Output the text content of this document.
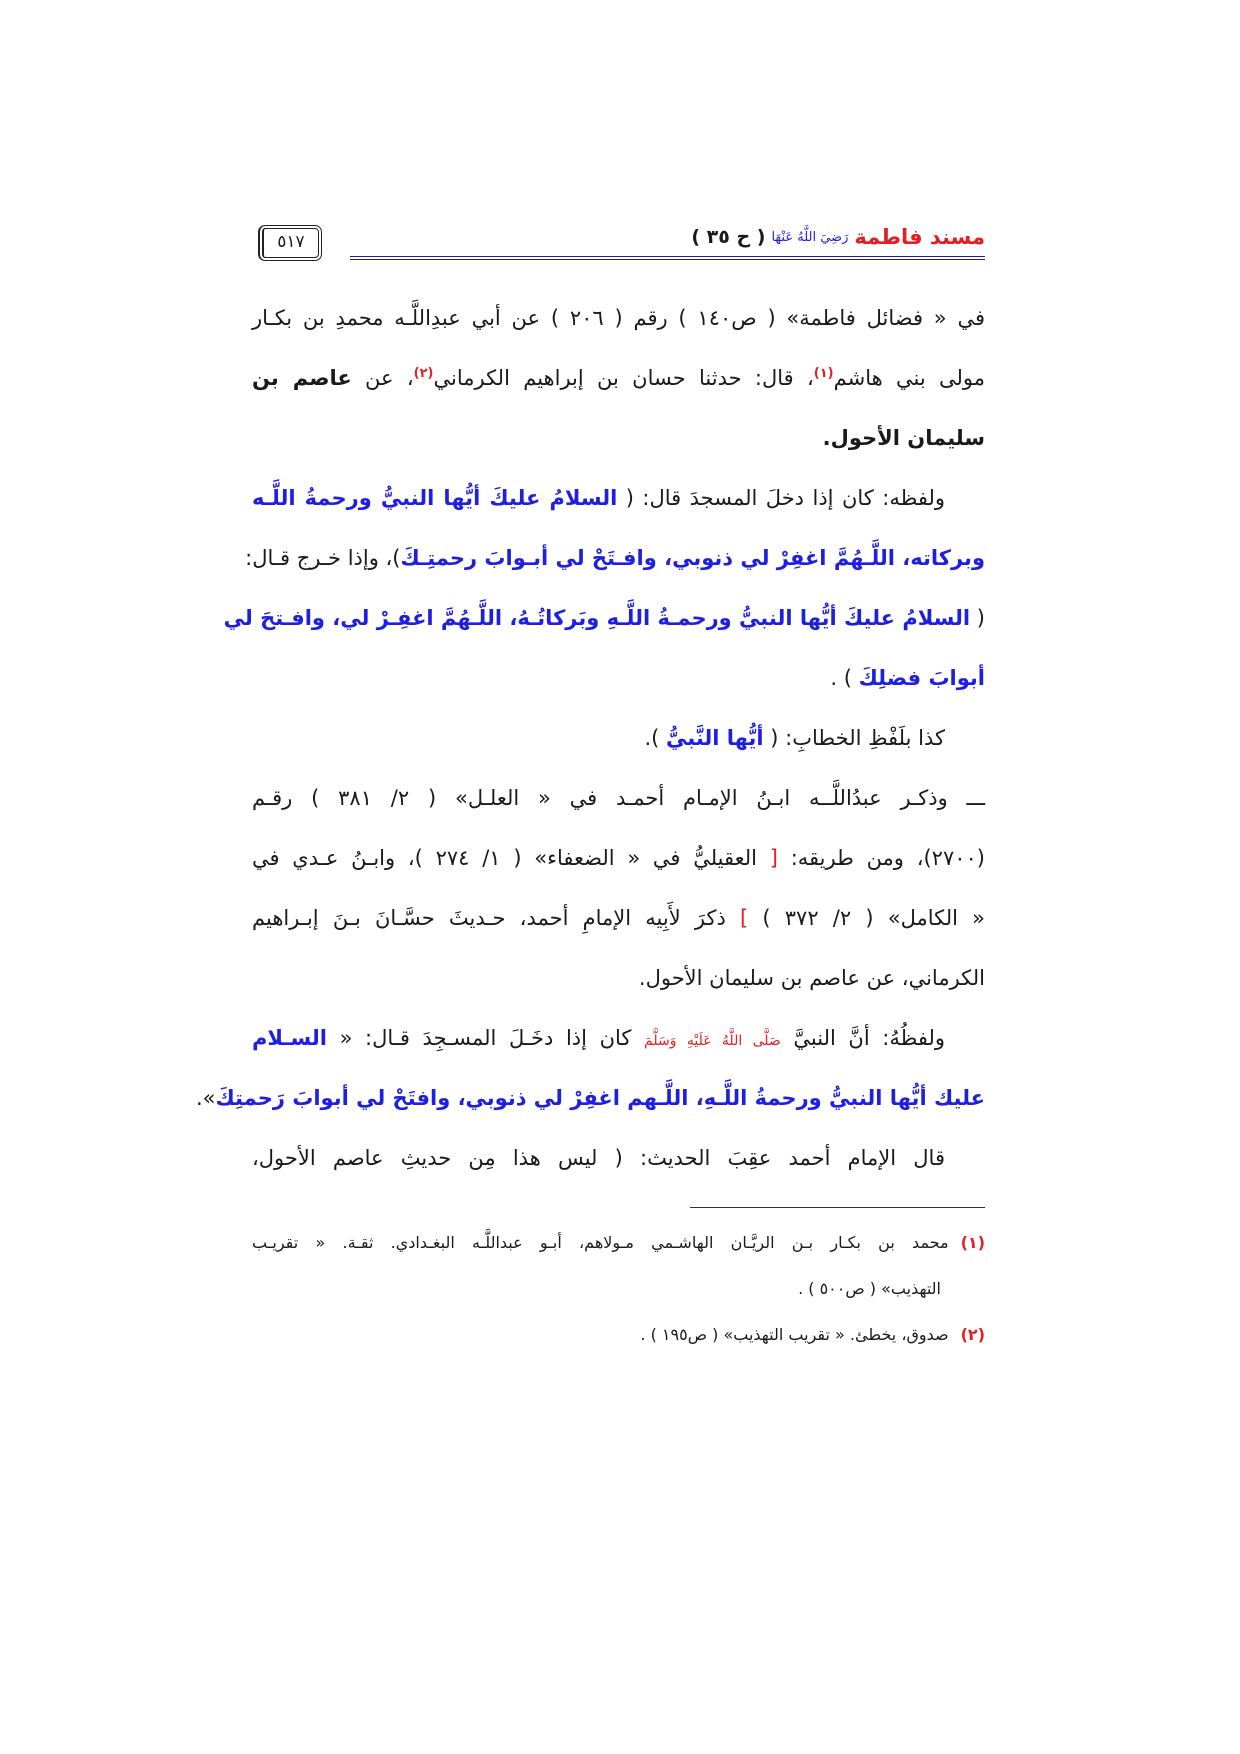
مسند فاطمة
رَضِيَ اللَّهُ عَنْهَا
( ح ٣٥ )
٥١٧
في « فضائل فاطمة» ( ص١٤٠ ) رقم ( ٢٠٦ ) عن أبي عبدِاللَّـه محمدِ بن بكـار
مولى بني هاشم$^{(١)}$، قال: حدثنا حسان بن إبراهيم الكرماني$^{(٢)}$، عن عاصم بن
سليمان الأحول.
ولفظه: كان إذا دخلَ المسجدَ قال: ( السلامُ عليكَ أيُّها النبيُّ ورحمةُ اللَّـه
وبركاته، اللَّـهُمَّ اغفِرْ لي ذنوبي، وافـتَحْ لي أبـوابَ رحمتِـكَ)، وإذا خـرج قـال:
( السلامُ عليكَ أيُّها النبيُّ ورحمـةُ اللَّـهِ وبَركاتُـهُ، اللَّـهُمَّ اغفِـرْ لي، وافـتحَ لي
أبوابَ فضلِكَ ) .
كذا بلَفْظِ الخطابِ: ( أيُّها النَّبيُّ ).
ـــ وذكـر عبدُاللَّــه ابـنُ الإمـام أحمـد في « العلـل» ( ٢/ ٣٨١ ) رقـم
(٢٧٠٠)، ومن طريقه: [ العقيليُّ في « الضعفاء» ( ١/ ٢٧٤ )، وابـنُ عـدي في
« الكامل» ( ٢/ ٣٧٢ ) ] ذكرَ لأَبِيه الإمامِ أحمد، حـديثَ حسَّـانَ بـنَ إبـراهيم
الكرماني، عن عاصم بن سليمان الأحول.
ولفظُهُ: أنَّ النبيَّ صَلَّى اللَّهُ عَلَيْهِ وَسَلَّمَ كان إذا دخَـلَ المسـجِدَ قـال: « السـلام
عليك أيُّها النبيُّ ورحمةُ اللَّـهِ، اللَّـهم اغفِرْ لي ذنوبي، وافتَحْ لي أبوابَ رَحمتِكَ».
قال الإمام أحمد عقِبَ الحديث: ( ليس هذا مِن حديثِ عاصم الأحول،
(١)محمد بن بكـار بـن الريَّـان الهاشـمي مـولاهم، أبـو عبداللَّـه البغـدادي. ثقـة. « تقريـب
التهذيب» ( ص٥٠٠ ) .
(٢)صدوق، يخطئ. « تقريب التهذيب» ( ص١٩٥ ) .
